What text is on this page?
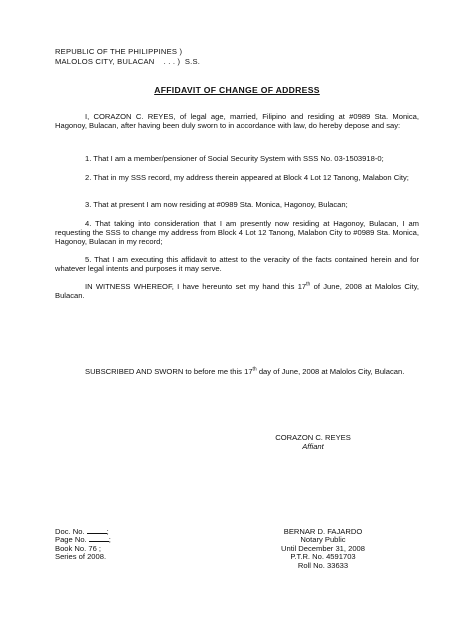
REPUBLIC OF THE PHILIPPINES )
MALOLOS CITY, BULACAN    . . . )  S.S.
AFFIDAVIT OF CHANGE OF ADDRESS

I, CORAZON C. REYES, of legal age, married, Filipino and residing at #0989 Sta. Monica, Hagonoy, Bulacan, after having been duly sworn to in accordance with law, do hereby depose and say:

1. That I am a member/pensioner of Social Security System with SSS No. 03-1503918-0;

2. That in my SSS record, my address therein appeared at Block 4 Lot 12 Tanong, Malabon City;

3. That at present I am now residing at #0989 Sta. Monica, Hagonoy, Bulacan;

4. That taking into consideration that I am presently now residing at Hagonoy, Bulacan, I am requesting the SSS to change my address from Block 4 Lot 12 Tanong, Malabon City to #0989 Sta. Monica, Hagonoy, Bulacan in my record;

5. That I am executing this affidavit to attest to the veracity of the facts contained herein and for whatever legal intents and purposes it may serve.

IN WITNESS WHEREOF, I have hereunto set my hand this 17th of June, 2008 at Malolos City, Bulacan.

CORAZON C. REYES
Affiant

SUBSCRIBED AND SWORN to before me this 17th day of June, 2008 at Malolos City, Bulacan.

Doc. No.	;
Page No.	;
Book No. 76 ;
Series of 2008.
BERNAR D. FAJARDO
Notary Public
Until December 31, 2008
P.T.R. No. 4591703
Roll No. 33633
